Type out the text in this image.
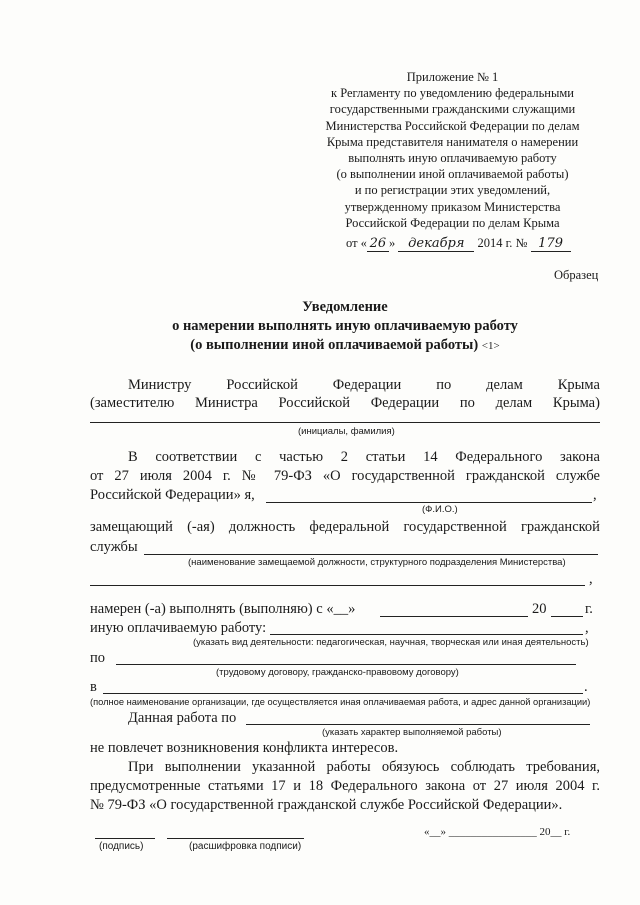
Приложение № 1
к Регламенту по уведомлению федеральными
государственными гражданскими служащими
Министерства Российской Федерации по делам
Крыма представителя нанимателя о намерении
выполнять иную оплачиваемую работу
(о выполнении иной оплачиваемой работы)
и по регистрации этих уведомлений,
утвержденному приказом Министерства
Российской Федерации по делам Крыма
от « 26 » декабря 2014 г. № 179
Образец
Уведомление
о намерении выполнять иную оплачиваемую работу
(о выполнении иной оплачиваемой работы) <1>
Министру Российской Федерации по делам Крыма
(заместителю Министра Российской Федерации по делам Крыма)
(инициалы, фамилия)
В соответствии с частью 2 статьи 14 Федерального закона
от 27 июля 2004 г. № 79-ФЗ «О государственной гражданской службе
Российской Федерации» я,	,
(Ф.И.О.)
замещающий (-ая) должность федеральной государственной гражданской
службы
(наименование замещаемой должности, структурного подразделения Министерства)
,
намерен (-а) выполнять (выполняю) с «__»	20	г.
иную оплачиваемую работу:	,
(указать вид деятельности: педагогическая, научная, творческая или иная деятельность)
по
(трудовому договору, гражданско-правовому договору)
в	.
(полное наименование организации, где осуществляется иная оплачиваемая работа, и адрес данной организации)
Данная работа по
(указать характер выполняемой работы)
не повлечет возникновения конфликта интересов.
При выполнении указанной работы обязуюсь соблюдать требования,
предусмотренные статьями 17 и 18 Федерального закона от 27 июля 2004 г.
№ 79-ФЗ «О государственной гражданской службе Российской Федерации».
(подпись)	(расшифровка подписи)
«__» ________________ 20__ г.
